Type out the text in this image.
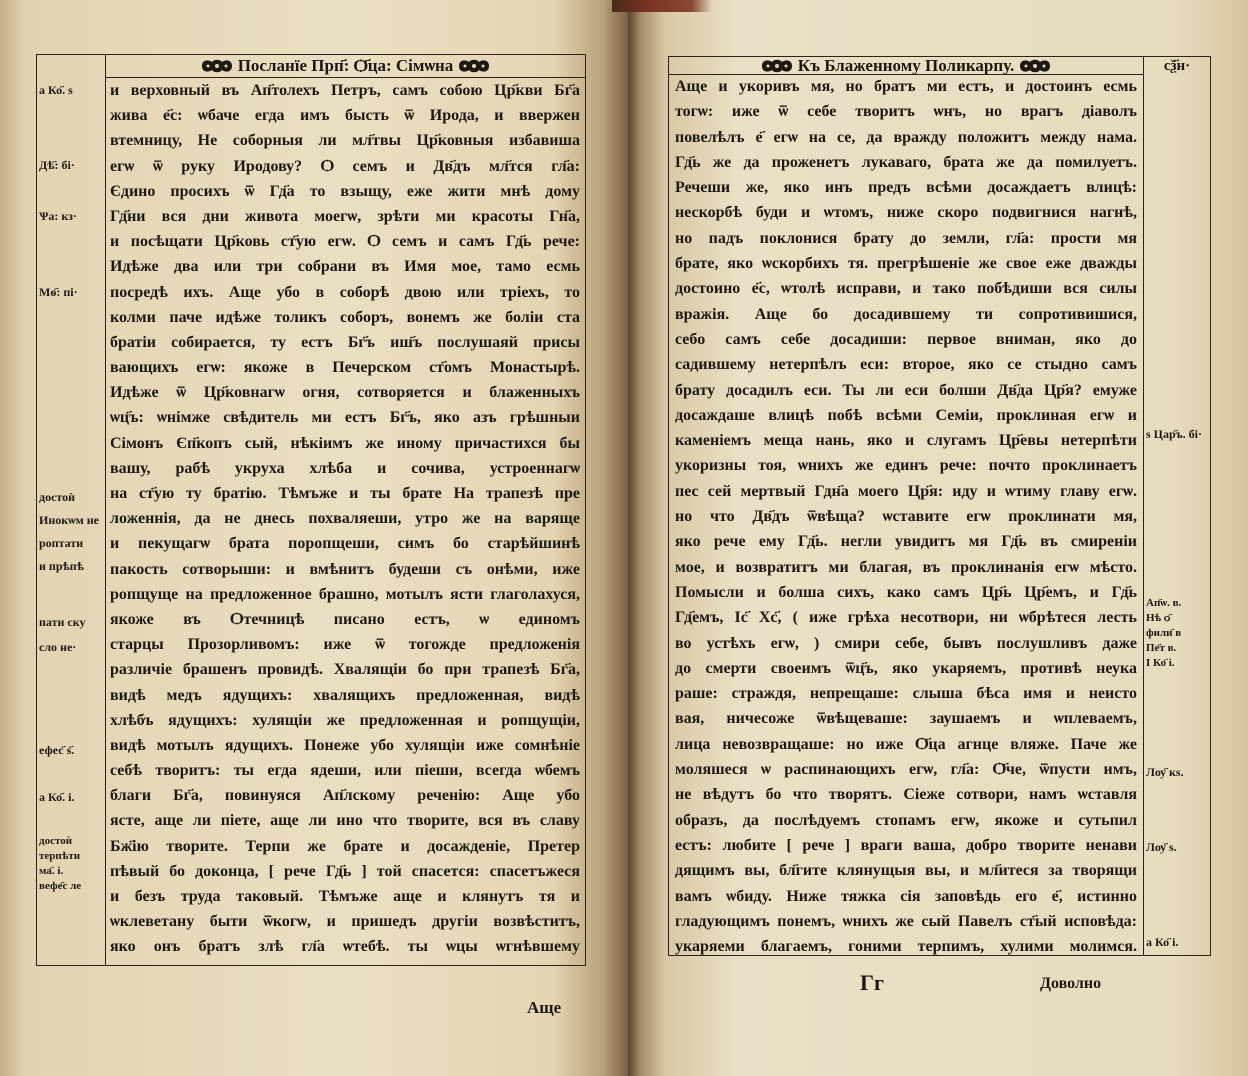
Посланїе Прп҃: Ѻ҃ца: Сімѡна
а Ко҃. ѕ
Дѣ҃: бі·
Ѱа: кз·
Мѳ҃: пі·
достоѝ
Инокѡм не
роптати
и прѣпѣ
пати ску
сло не·
ефес҃ ѕ҃.
а Ко҃. і.
достоѝ
терпѣти
ма҃. і.
вефе҃с ле
и верховный въ Ап҃толехъ Петръ, самъ собою Цр҃кви Бг҃а
жива е҃с: ѡбаче егда имъ бысть ѿ Ирода, и ввержен
втемницу, Не соборныя ли мл҃твы Цр҃ковныя избавиша
егѡ ѿ руку Иродову? Ѻ семъ и Дв҃дъ мл҃тся гл҃а:
Єдино просихъ ѿ Гд҃а то взыщу, еже жити мнѣ дому
Гд҃ни вся дни живота моегѡ, зрѣти ми красоты Гн҃а,
и посѣщати Цр҃ковь ст҃ую егѡ. Ѻ семъ и самъ Гд҃ь рече:
Идѣже два или три собрани въ Имя мое, тамо есмь
посредѣ ихъ. Аще убо в соборѣ двою или трiехъ, то
колми паче идѣже толикъ соборъ, вонемъ же болiи ста
братiи собирается, ту естъ Бг҃ъ иш҃ъ послушаяй присы
вающихъ егѡ: якоже в Печерском ст҃омъ Монастырѣ.
Идѣже ѿ Цр҃ковнагѡ огня, сотворяется и блаженныхъ
ѡц҃ъ: ѡнiмже свѣдитель ми естъ Бг҃ъ, яко азъ грѣшныи
Сiмонъ Єп҃копъ сый, нѣкiимъ же иному причастихся бы
вашу, рабѣ укруха хлѣба и сочива, устроеннагѡ
на ст҃ую ту братiю. Тѣмъже и ты брате На трапезѣ пре
ложеннiя, да не днесь похваляеши, утро же на варяще
и пекущагѡ брата поропщеши, симъ бо старѣйшинѣ
пакость сотворыши: и вмѣнитъ будеши съ онѣми, иже
ропщуще на предложенное брашно, мотылъ ясти глаголахуся,
якоже въ Ѻтечницѣ писано естъ, ѡ единомъ
старцы Прозорливомъ: иже ѿ тогожде предложенiя
различiе брашенъ провидѣ. Хвалящiи бо при трапезѣ Бг҃а,
видѣ медъ ядущихъ: хвалящихъ предложенная, видѣ
хлѣбъ ядущихъ: хулящiи же предложенная и ропщущiи,
видѣ мотылъ ядущихъ. Понеже убо хулящiи иже сомнѣнiе
себѣ творитъ: ты егда ядеши, или пiеши, всегда ѡбемъ
благи Бг҃а, повинуяся Ап҃лскому реченiю: Аще убо
ясте, аще ли пiете, аще ли ино что творите, вся въ славу
Бж҃iю творите. Терпи же брате и досажденiе, Претер
пѣвый бо доконца, [ рече Гд҃ь ] той спасется: спасетъжеся
и безъ труда таковый. Тѣмъже аще и клянутъ тя и
ѡклеветану быти ѿкогѡ, и пришедъ другiи возвѣститъ,
яко онъ братъ злѣ гл҃а ѡтебѣ. ты ѡцы ѡгнѣвшему
Аще
Къ Блаженному Поликарпу.	сѯ҃н·
ѕ Цар҃ъ. бі·
Ап҃ѡ. в.
Нѣ ѻ҃
фили҃ в
Пе҃т в.
І Ко҃ і.
Лѹ҃ кѕ.
Лѹ҃ ѕ.
а Ко҃ і.
Аще и укоривъ мя, но братъ ми естъ, и достоинъ есмь
тогѡ: иже ѿ себе творитъ ѡнъ, но врагъ дiаволъ
повелѣлъ е҃ егѡ на се, да вражду положитъ между нама.
Гд҃ь же да проженетъ лукаваго, брата же да помилуетъ.
Речеши же, яко инъ предъ всѣми досаждаетъ влицѣ:
нескорбѣ буди и ѡтомъ, ниже скоро подвигнися нагнѣ,
но падъ поклонися брату до земли, гл҃а: прости мя
брате, яко ѡскорбихъ тя. прегрѣшенiе же свое еже дважды
достоино е҃с, ѡтолѣ исправи, и тако побѣдиши вся силы
вражiя. Аще бо досадившему ти сопротивишися,
себо самъ себе досадиши: первое вниман, яко до
садившему нетерпѣлъ еси: второе, яко се стыдно самъ
брату досадилъ еси. Ты ли еси болши Дв҃да Цр҃я? емуже
досаждаше влицѣ побѣ всѣми Семiи, проклиная егѡ и
каменiемъ меща нань, яко и слугамъ Цр҃евы нетерпѣти
укоризны тоя, ѡнихъ же единъ рече: почто проклинаетъ
пес сей мертвый Гдн҃а моего Цр҃я: иду и ѡтиму главу егѡ.
но что Дв҃дъ ѿвѣща? ѡставите егѡ проклинати мя,
яко рече ему Гд҃ь. негли увидитъ мя Гд҃ь въ смиренiи
мое, и возвратитъ ми благая, въ проклинанiя егѡ мѣсто.
Помысли и болша сихъ, како самъ Цр҃ь Цр҃емъ, и Гд҃ь
Гд҃емъ, Іс҃ Хс҃, ( иже грѣха несотвори, ни ѡбрѣтеся лесть
во устѣхъ егѡ, ) смири себе, бывъ послушливъ даже
до смерти своеимъ ѿц҃ъ, яко укаряемъ, противѣ неука
раше: страждя, непрещаше: слыша бѣса имя и неисто
вая, ничесоже ѿвѣщеваше: заушаемъ и ѡплеваемъ,
лица невозвращаше: но иже Ѻ҃ца агнце вляже. Паче же
моляшеся ѡ распинающихъ егѡ, гл҃а: Ѻ҃че, ѿпусти имъ,
не вѣдутъ бо что творятъ. Сiеже сотвори, намъ ѡставля
образъ, да послѣдуемъ стопамъ егѡ, якоже и сутьпил
естъ: любите [ рече ] враги ваша, добро творите ненави
дящимъ вы, бл҃гите клянущыя вы, и мл҃итеся за творящи
вамъ ѡбиду. Ниже тяжка сiя заповѣдь его е҃, истинно
гладующимъ понемъ, ѡнихъ же сый Павелъ ст҃ый исповѣда:
укаряеми благаемъ, гоними терпимъ, хулими молимся.
Гг	Доволно
